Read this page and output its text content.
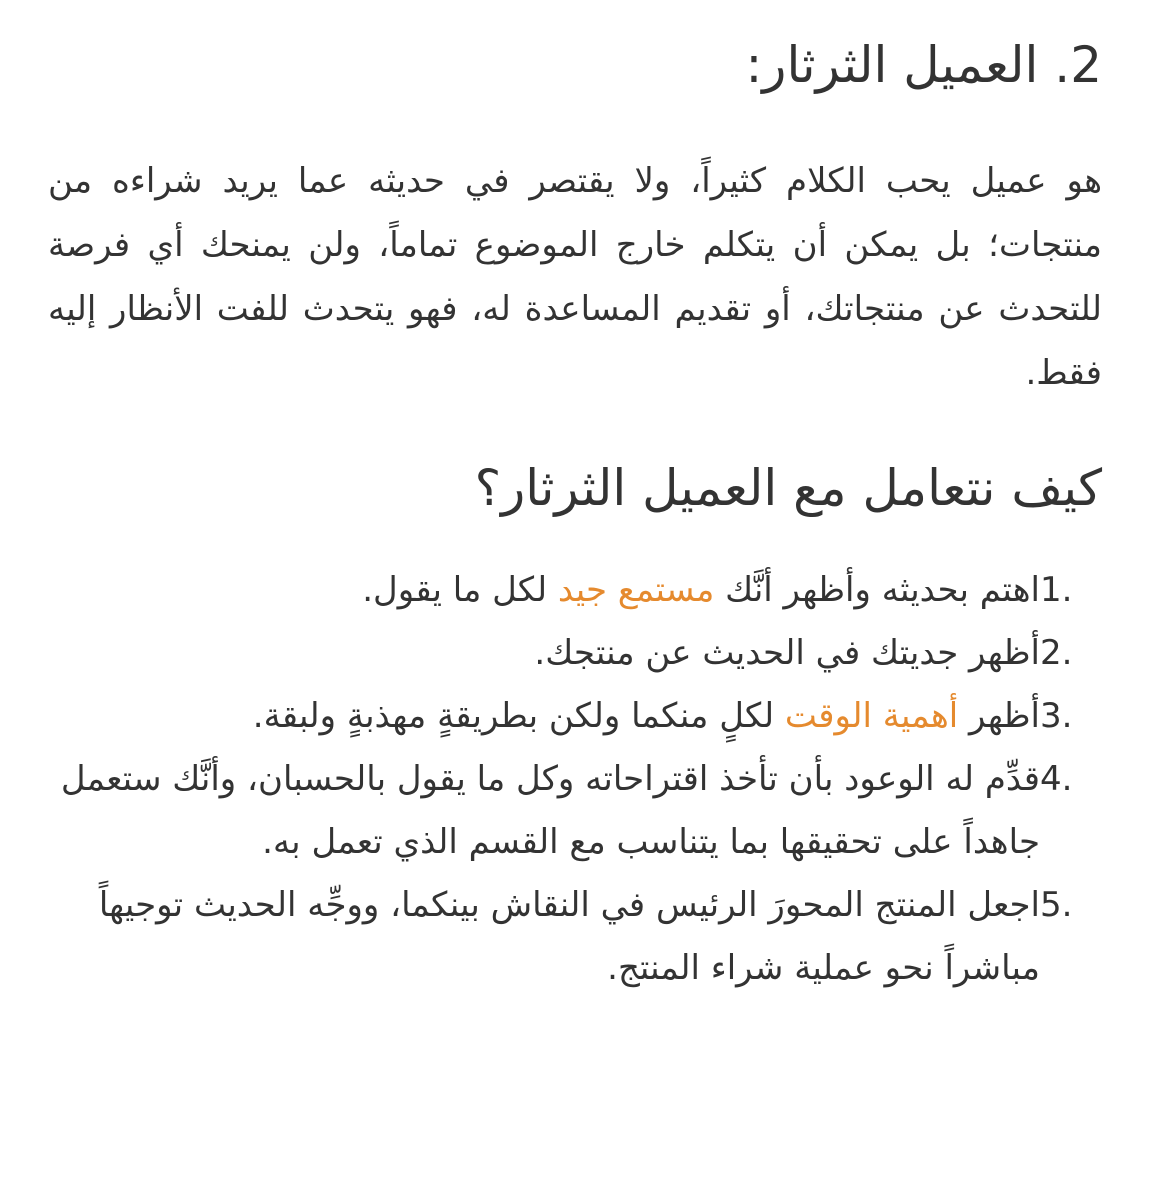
2. العميل الثرثار:

هو عميل يحب الكلام كثيراً، ولا يقتصر في حديثه عما يريد شراءه من منتجات؛ بل يمكن أن يتكلم خارج الموضوع تماماً، ولن يمنحك أي فرصة للتحدث عن منتجاتك، أو تقديم المساعدة له، فهو يتحدث للفت الأنظار إليه فقط.

كيف نتعامل مع العميل الثرثار؟
1.
اهتم بحديثه وأظهر أنَّك مستمع جيد لكل ما يقول.
2.
أظهر جديتك في الحديث عن منتجك.
3.
أظهر أهمية الوقت لكلٍ منكما ولكن بطريقةٍ مهذبةٍ ولبقة.
4.
قدِّم له الوعود بأن تأخذ اقتراحاته وكل ما يقول بالحسبان، وأنَّك ستعمل جاهداً على تحقيقها بما يتناسب مع القسم الذي تعمل به.
5.
اجعل المنتج المحورَ الرئيس في النقاش بينكما، ووجِّه الحديث توجيهاً مباشراً نحو عملية شراء المنتج.
